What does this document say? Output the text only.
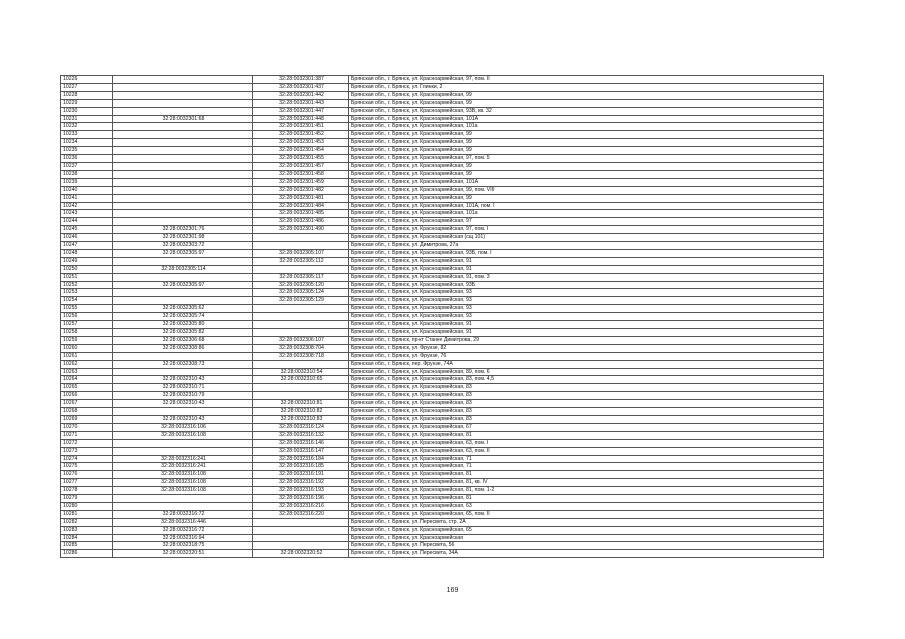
10226		32:28:0032301:387	Брянская обл., г. Брянск, ул. Красноармейская, 97, пом. II
10227		32:28:0032301:437	Брянская обл., г. Брянск, ул. Глинки, 2
10228		32:28:0032301:442	Брянская обл., г. Брянск, ул. Красноармейская, 99
10229		32:28:0032301:443	Брянская обл., г. Брянск, ул. Красноармейская, 99
10230		32:28:0032301:447	Брянская обл., г. Брянск, ул. Красноармейская, 93В, кв. 32
10231	32:28:0032301:68	32:28:0032301:448	Брянская обл., г. Брянск, ул. Красноармейская, 101А
10232		32:28:0032301:451	Брянская обл., г. Брянск, ул. Красноармейская, 101а
10233		32:28:0032301:452	Брянская обл., г. Брянск, ул. Красноармейская, 99
10234		32:28:0032301:453	Брянская обл., г. Брянск, ул. Красноармейская, 99
10235		32:28:0032301:454	Брянская обл., г. Брянск, ул. Красноармейская, 99
10236		32:28:0032301:455	Брянская обл., г. Брянск, ул. Красноармейская, 97, пом. 5
10237		32:28:0032301:457	Брянская обл., г. Брянск, ул. Красноармейская, 99
10238		32:28:0032301:458	Брянская обл., г. Брянск, ул. Красноармейская, 99
10239		32:28:0032301:459	Брянская обл., г. Брянск, ул. Красноармейская, 101А
10240		32:28:0032301:482	Брянская обл., г. Брянск, ул. Красноармейская, 99, пом. VIII
10241		32:28:0032301:481	Брянская обл., г. Брянск, ул. Красноармейская, 99
10242		32:28:0032301:484	Брянская обл., г. Брянск, ул. Красноармейская, 101А, пом. I
10243		32:28:0032301:485	Брянская обл., г. Брянск, ул. Красноармейская, 101а
10244		32:28:0032301:486	Брянская обл., г. Брянск, ул. Красноармейская, 97
10245	32:28:0032301:76	32:28:0032301:490	Брянская обл., г. Брянск, ул. Красноармейская, 97, пом. I
10246	32:28:0032301:98		Брянская обл., г. Брянск, ул. Красноармейская (сщ 101)
10247	32:28:0032303:72		Брянская обл., г. Брянск, ул. Димитрова, 27а
10248	32:28:0032305:97	32:28:0032305:107	Брянская обл., г. Брянск, ул. Красноармейская, 93Б, пом. I
10249		32:28:0032305:112	Брянская обл., г. Брянск, ул. Красноармейская, 91
10250	32:28:0032305:114		Брянская обл., г. Брянск, ул. Красноармейская, 91
10251		32:28:0032305:117	Брянская обл., г. Брянск, ул. Красноармейская, 91, пом. 3
10252	32:28:0032305:97	32:28:0032305:120	Брянская обл., г. Брянск, ул. Красноармейская, 93Б
10253		32:28:0032305:124	Брянская обл., г. Брянск, ул. Красноармейская, 93
10254		32:28:0032305:129	Брянская обл., г. Брянск, ул. Красноармейская, 93
10255	32:28:0032305:62		Брянская обл., г. Брянск, ул. Красноармейская, 93
10256	32:28:0032305:74		Брянская обл., г. Брянск, ул. Красноармейская, 93
10257	32:28:0032305:80		Брянская обл., г. Брянск, ул. Красноармейская, 91
10258	32:28:0032305:82		Брянская обл., г. Брянск, ул. Красноармейская, 91
10259	32:28:0032306:68	32:28:0032306:107	Брянская обл., г. Брянск, пр-кт Станке Димитрова, 29
10260	32:28:0032308:86	32:28:0032308:704	Брянская обл., г. Брянск, ул. Фрунзе, 82
10261		32:28:0032308:718	Брянская обл., г. Брянск, ул. Фрунзе, 76
10262	32:28:0032308:73		Брянская обл., г. Брянск, пер. Фрунзе, 74А
10263		32:28:0032310:54	Брянская обл., г. Брянск, ул. Красноармейская, 89, пом. 6
10264	32:28:0032310:43	32:28:0032310:65	Брянская обл., г. Брянск, ул. Красноармейская, 83, пом. 4,5
10265	32:28:0032310:71		Брянская обл., г. Брянск, ул. Красноармейская, 83
10266	32:28:0032310:79		Брянская обл., г. Брянск, ул. Красноармейская, 83
10267	32:28:0032310:43	32:28:0032310:81	Брянская обл., г. Брянск, ул. Красноармейская, 83
10268		32:28:0032310:82	Брянская обл., г. Брянск, ул. Красноармейская, 83
10269	32:28:0032310:43	32:28:0032310:83	Брянская обл., г. Брянск, ул. Красноармейская, 83
10270	32:28:0032316:106	32:28:0032316:124	Брянская обл., г. Брянск, ул. Красноармейская, 67
10271	32:28:0032316:108	32:28:0032316:132	Брянская обл., г. Брянск, ул. Красноармейская, 81
10272		32:28:0032316:146	Брянская обл., г. Брянск, ул. Красноармейская, 63, пом. I
10273		32:28:0032316:147	Брянская обл., г. Брянск, ул. Красноармейская, 63, пом. II
10274	32:28:0032316:241	32:28:0032316:184	Брянская обл., г. Брянск, ул. Красноармейская, 71
10275	32:28:0032316:241	32:28:0032316:185	Брянская обл., г. Брянск, ул. Красноармейская, 71
10276	32:28:0032316:108	32:28:0032316:191	Брянская обл., г. Брянск, ул. Красноармейская, 81
10277	32:28:0032316:108	32:28:0032316:192	Брянская обл., г. Брянск, ул. Красноармейская, 81, кв. IV
10278	32:28:0032316:108	32:28:0032316:193	Брянская обл., г. Брянск, ул. Красноармейская, 81, пом. 1-2
10279		32:28:0032316:196	Брянская обл., г. Брянск, ул. Красноармейская, 81
10280		32:28:0032316:216	Брянская обл., г. Брянск, ул. Красноармейская, 63
10281	32:28:0032316:72	32:28:0032316:220	Брянская обл., г. Брянск, ул. Красноармейская, 65, пом. II
10282	32:28:0032316:446		Брянская обл., г. Брянск, ул. Пересвета, стр. 2А
10283	32:28:0032316:72		Брянская обл., г. Брянск, ул. Красноармейская, 65
10284	32:28:0032316:94		Брянская обл., г. Брянск, ул. Красноармейская
10285	32:28:0032318:75		Брянская обл., г. Брянск, ул. Пересвета, 56
10286	32:28:0032320:51	32:28:0032320:52	Брянская обл., г. Брянск, ул. Пересвета, 34А
169
